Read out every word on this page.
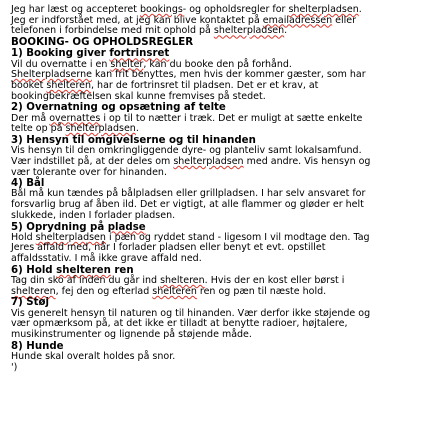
Jeg har læst og accepteret bookings- og opholdsregler for shelterpladsen.
Jeg er indforstået med, at jeg kan blive kontaktet på emailadressen eller
telefonen i forbindelse med mit ophold på shelterpladsen.
BOOKING- OG OPHOLDSREGLER
1) Booking giver fortrinsret
Vil du overnatte i en shelter, kan du booke den på forhånd.
Shelterpladserne kan frit benyttes, men hvis der kommer gæster, som har
booket shelteren, har de fortrinsret til pladsen. Det er et krav, at
bookingbekræftelsen skal kunne fremvises på stedet.
2) Overnatning og opsætning af telte
Der må overnattes i op til to nætter i træk. Det er muligt at sætte enkelte
telte op på shelterpladsen.
3) Hensyn til omgivelserne og til hinanden
Vis hensyn til den omkringliggende dyre- og planteliv samt lokalsamfund.
Vær indstillet på, at der deles om shelterpladsen med andre. Vis hensyn og
vær tolerante over for hinanden.
4) Bål
Bål må kun tændes på bålpladsen eller grillpladsen. I har selv ansvaret for
forsvarlig brug af åben ild. Det er vigtigt, at alle flammer og gløder er helt
slukkede, inden I forlader pladsen.
5) Oprydning på pladse
Hold shelterpladsen i pæn og ryddet stand - ligesom I vil modtage den. Tag
Jeres affald med, når I forlader pladsen eller benyt et evt. opstillet
affaldsstativ. I må ikke grave affald ned.
6) Hold shelteren ren
Tag din sko af inden du går ind shelteren. Hvis der en kost eller børst i
shelteren, fej den og efterlad shelteren ren og pæn til næste hold.
7) Støj
Vis generelt hensyn til naturen og til hinanden. Vær derfor ikke støjende og
vær opmærksom på, at det ikke er tilladt at benytte radioer, højtalere,
musikinstrumenter og lignende på støjende måde.
8) Hunde
Hunde skal overalt holdes på snor.
')
